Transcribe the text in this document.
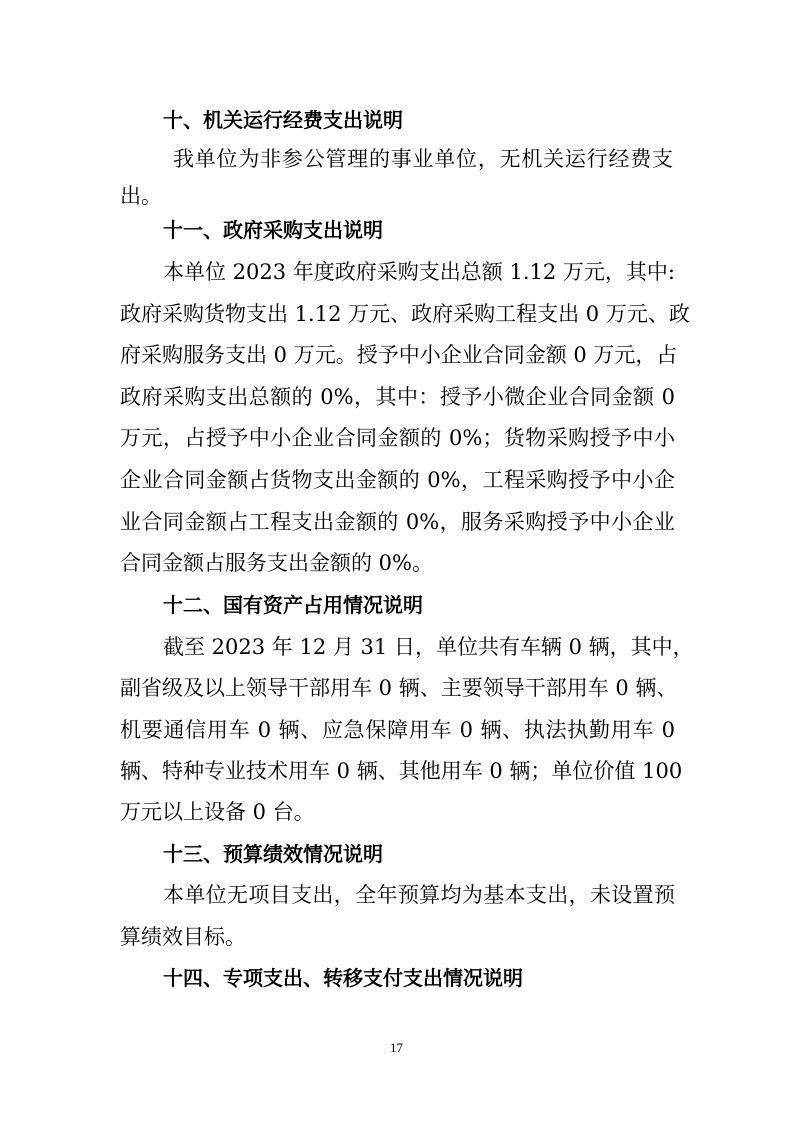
十、机关运行经费支出说明
我单位为非参公管理的事业单位，无机关运行经费支
出。
十一、政府采购支出说明
本单位 2023 年度政府采购支出总额 1.12 万元，其中:
政府采购货物支出 1.12 万元、政府采购工程支出 0 万元、政
府采购服务支出 0 万元。授予中小企业合同金额 0 万元，占
政府采购支出总额的 0%，其中：授予小微企业合同金额 0
万元，占授予中小企业合同金额的 0%；货物采购授予中小
企业合同金额占货物支出金额的 0%，工程采购授予中小企
业合同金额占工程支出金额的 0%，服务采购授予中小企业
合同金额占服务支出金额的 0%。
十二、国有资产占用情况说明
截至 2023 年 12 月 31 日，单位共有车辆 0 辆，其中，
副省级及以上领导干部用车 0 辆、主要领导干部用车 0 辆、
机要通信用车 0 辆、应急保障用车 0 辆、执法执勤用车 0
辆、特种专业技术用车 0 辆、其他用车 0 辆；单位价值 100
万元以上设备 0 台。
十三、预算绩效情况说明
本单位无项目支出，全年预算均为基本支出，未设置预
算绩效目标。
十四、专项支出、转移支付支出情况说明
17
